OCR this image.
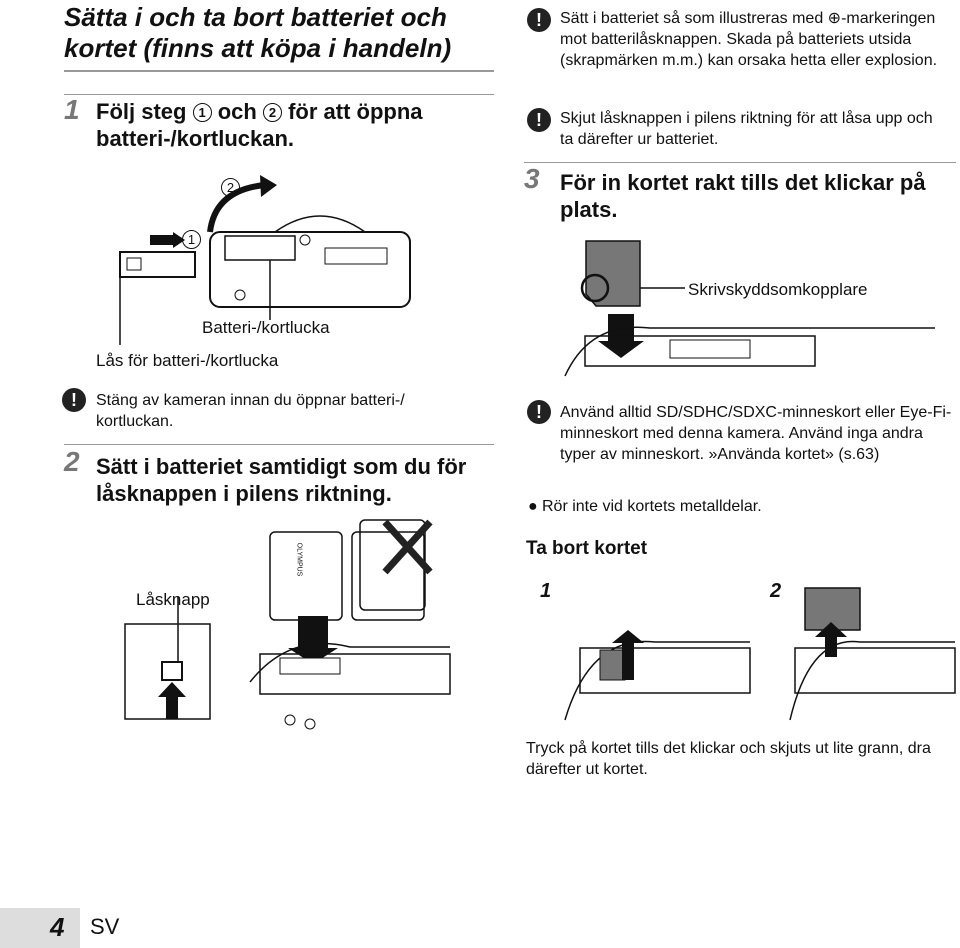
Sätta i och ta bort batteriet och kortet (finns att köpa i handeln)
1 Följ steg 1 och 2 för att öppna batteri-/kortluckan.
1
2
Batteri-/kortlucka
Lås för batteri-/kortlucka
!	Stäng av kameran innan du öppnar batteri-/ kortluckan.
2 Sätt i batteriet samtidigt som du för låsknappen i pilens riktning.
OLYMPUS
Låsknapp
!	Sätt i batteriet så som illustreras med ⊕-markeringen mot batterilåsknappen. Skada på batteriets utsida (skrapmärken m.m.) kan orsaka hetta eller explosion.
!	Skjut låsknappen i pilens riktning för att låsa upp och ta därefter ur batteriet.
3 För in kortet rakt tills det klickar på plats.
Skrivskyddsomkopplare
!	Använd alltid SD/SDHC/SDXC-minneskort eller Eye-Fi-minneskort med denna kamera. Använd inga andra typer av minneskort. »Använda kortet» (s.63)
● Rör inte vid kortets metalldelar.
Ta bort kortet
1	2
Tryck på kortet tills det klickar och skjuts ut lite grann, dra därefter ut kortet.
4 SV
